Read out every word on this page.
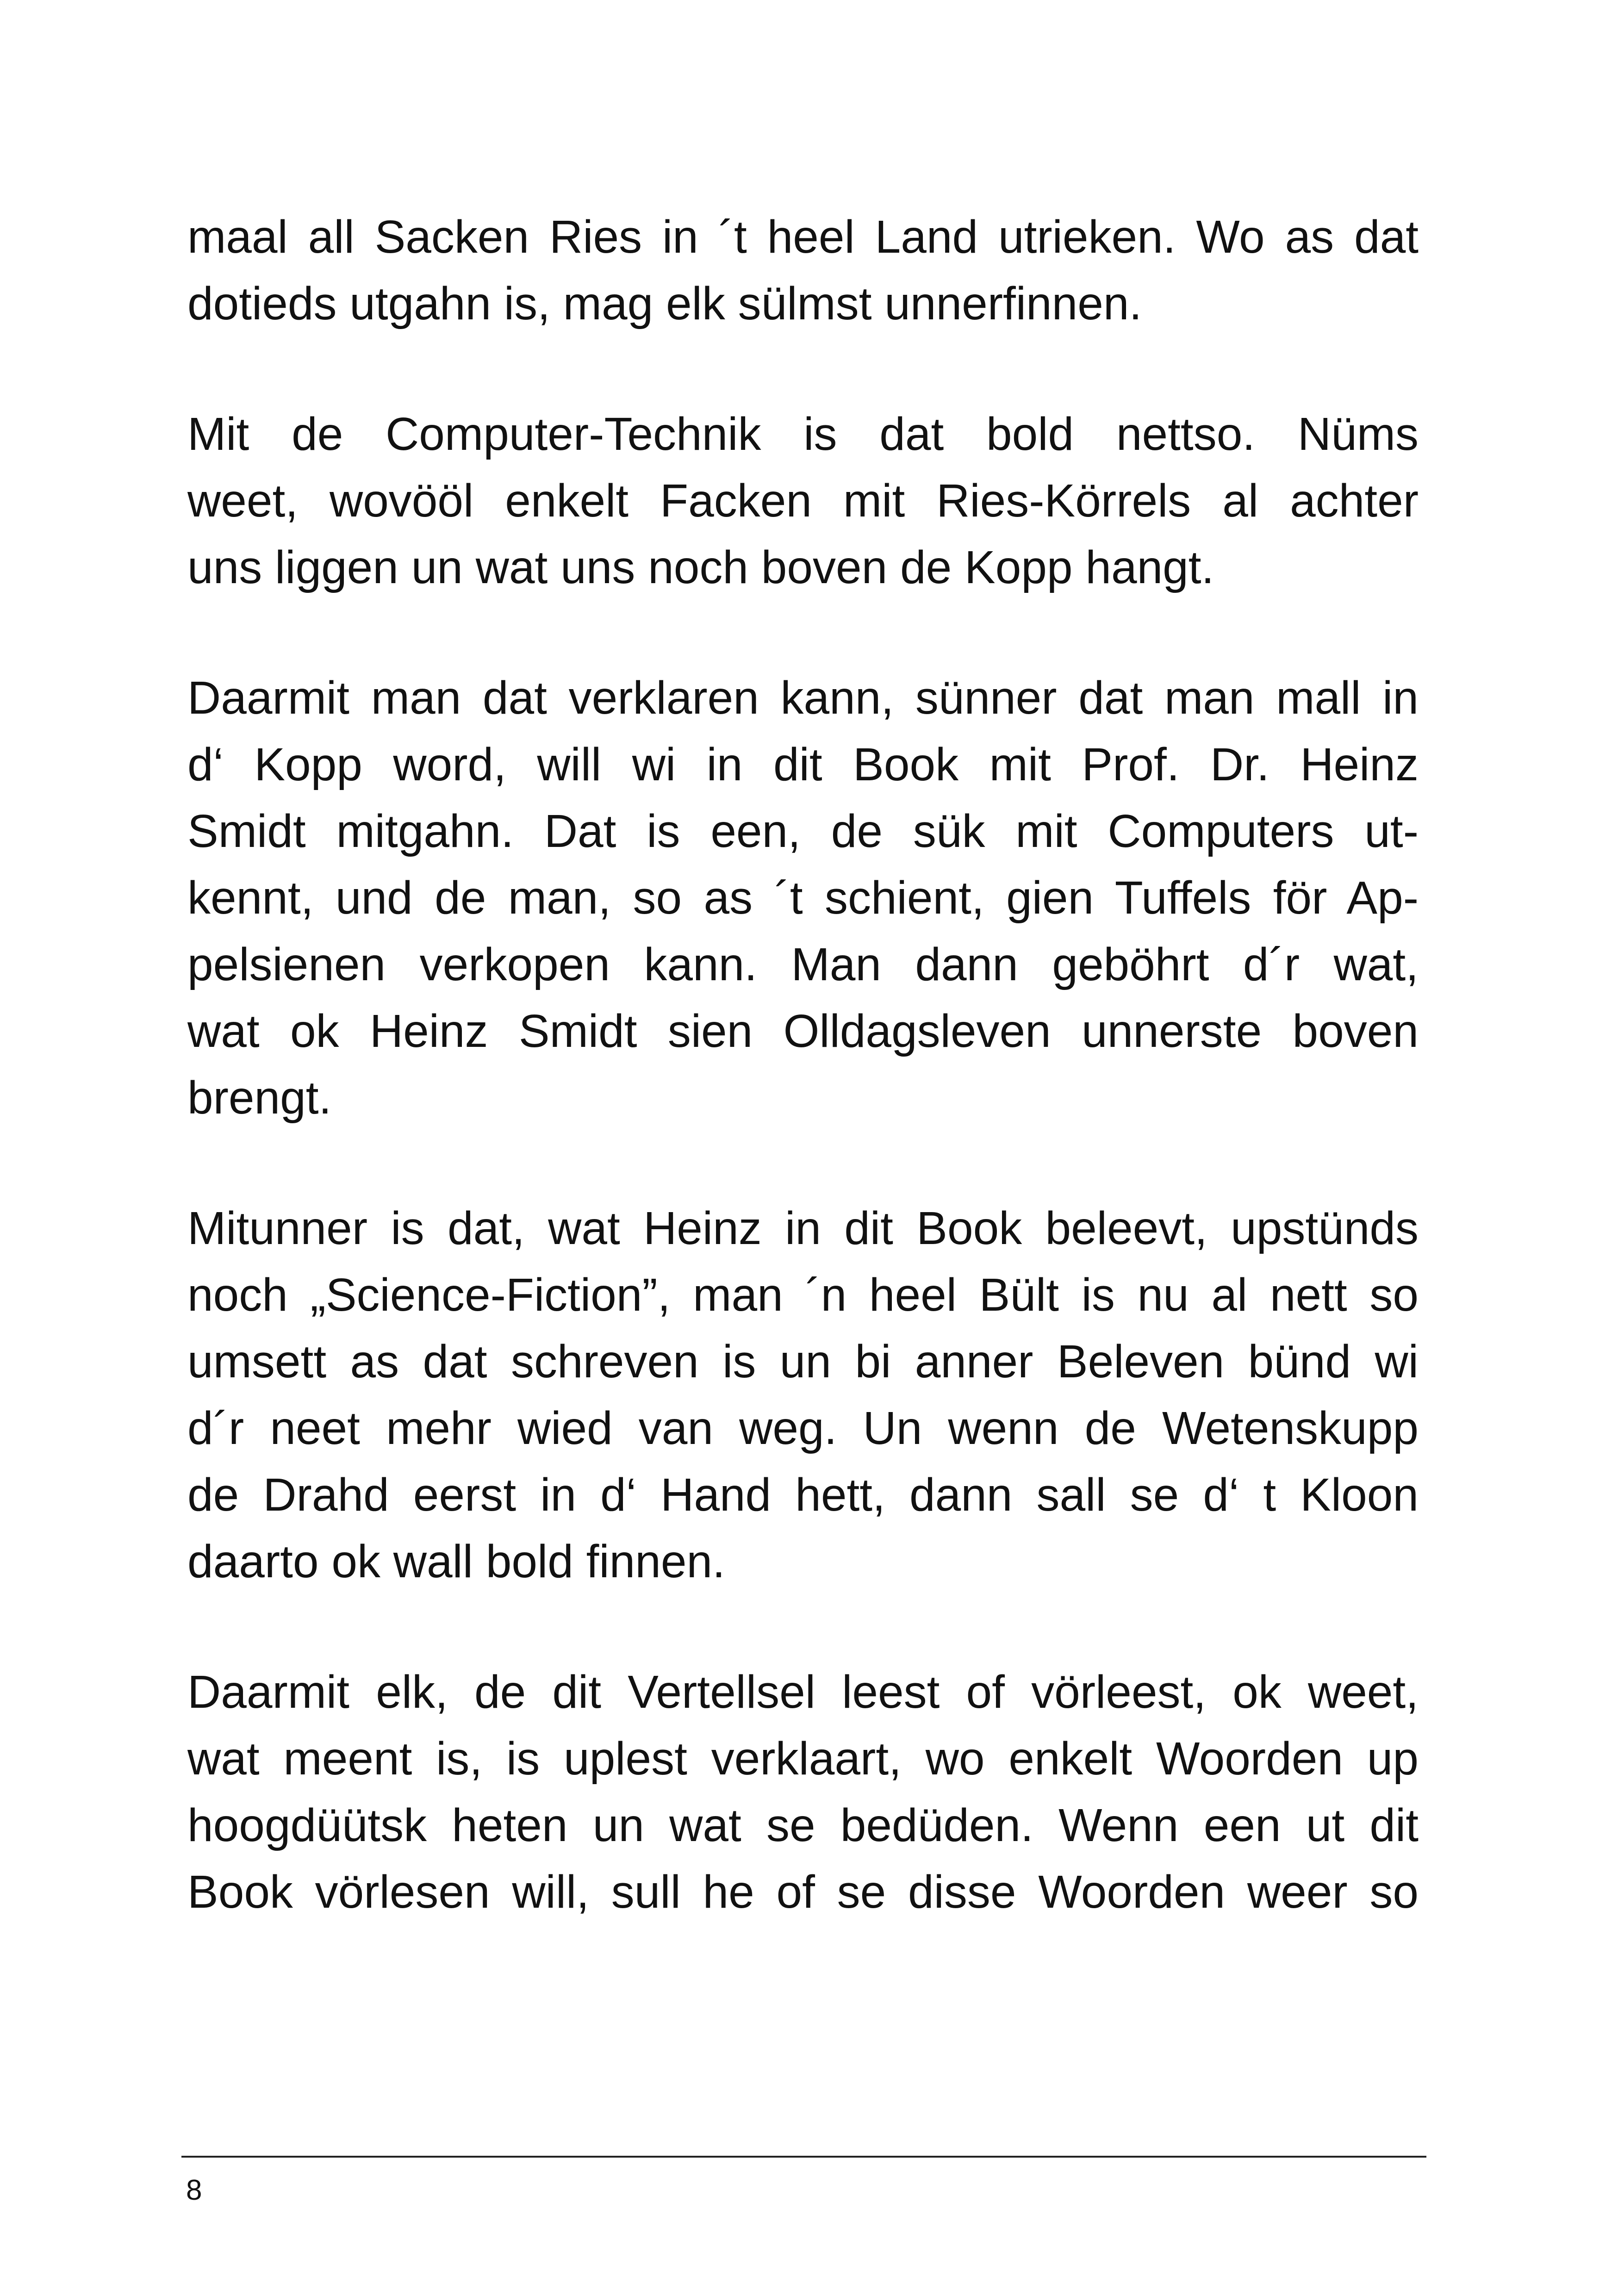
maal all Sacken Ries in ´t heel Land utrieken. Wo as dat
dotieds utgahn is, mag elk sülmst unnerfinnen.

Mit de Computer-Technik is dat bold nettso. Nüms
weet, wovööl enkelt Facken mit Ries-Körrels al achter
uns liggen un wat uns noch boven de Kopp hangt.

Daarmit man dat verklaren kann, sünner dat man mall in
d‘ Kopp word, will wi in dit Book mit Prof. Dr. Heinz
Smidt mitgahn. Dat is een, de sük mit Computers ut-
kennt, und de man, so as ´t schient, gien Tuffels för Ap-
pelsienen verkopen kann. Man dann geböhrt d´r wat,
wat ok Heinz Smidt sien Olldagsleven unnerste boven
brengt.

Mitunner is dat, wat Heinz in dit Book beleevt, upstünds
noch „Science-Fiction”, man ´n heel Bült is nu al nett so
umsett as dat schreven is un bi anner Beleven bünd wi
d´r neet mehr wied van weg. Un wenn de Wetenskupp
de Drahd eerst in d‘ Hand hett, dann sall se d‘ t Kloon
daarto ok wall bold finnen.

Daarmit elk, de dit Vertellsel leest of vörleest, ok weet,
wat meent is, is uplest verklaart, wo enkelt Woorden up
hoogdüütsk heten un wat se bedüden. Wenn een ut dit
Book vörlesen will, sull he of se disse Woorden weer so

8
